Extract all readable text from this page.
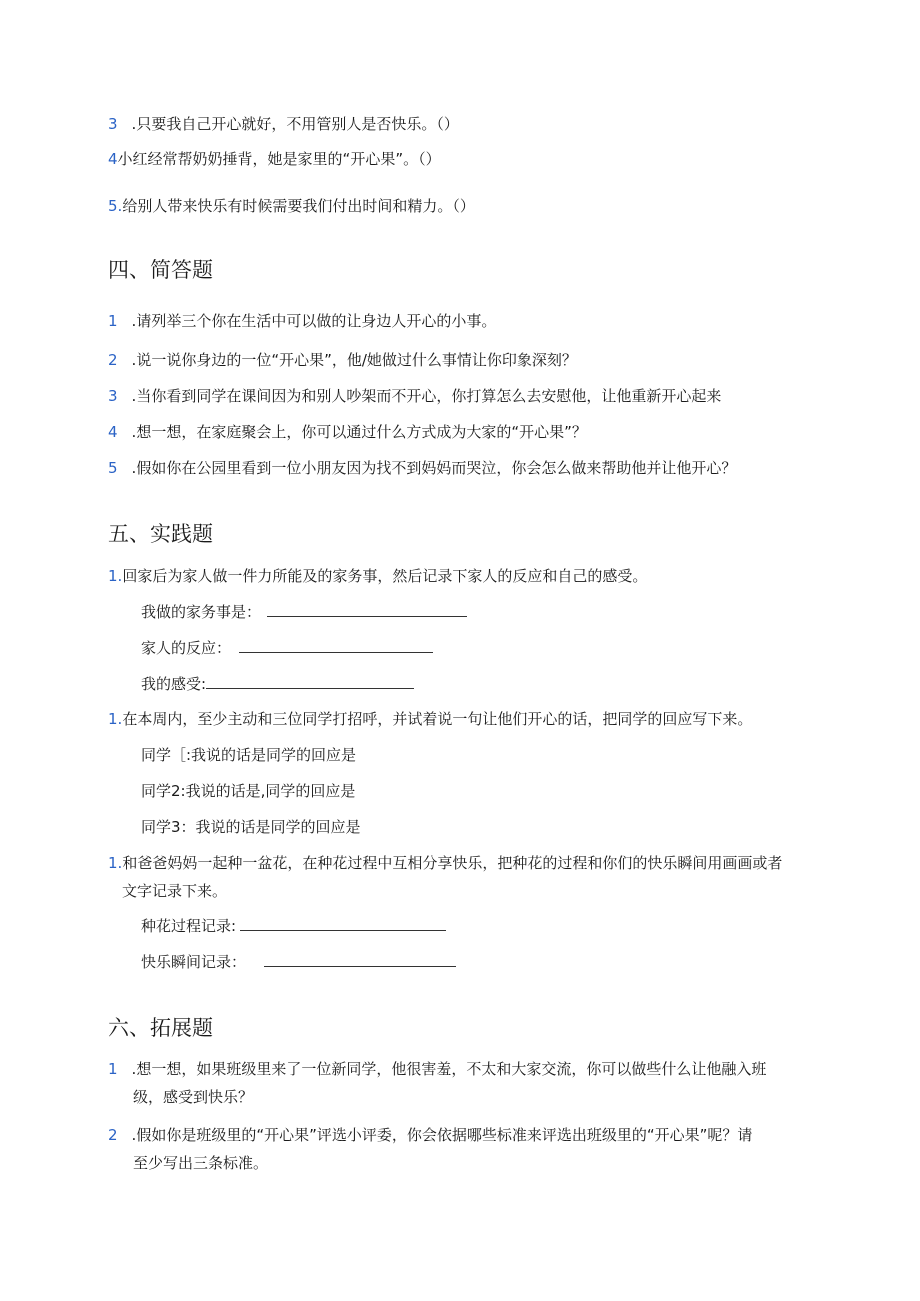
3 .只要我自己开心就好，不用管别人是否快乐。（）
4小红经常帮奶奶捶背，她是家里的“开心果”。（）
5.给别人带来快乐有时候需要我们付出时间和精力。（）
四、简答题
1 .请列举三个你在生活中可以做的让身边人开心的小事。
2 .说一说你身边的一位“开心果”，他/她做过什么事情让你印象深刻？
3 .当你看到同学在课间因为和别人吵架而不开心，你打算怎么去安慰他，让他重新开心起来
4 .想一想，在家庭聚会上，你可以通过什么方式成为大家的“开心果”？
5 .假如你在公园里看到一位小朋友因为找不到妈妈而哭泣，你会怎么做来帮助他并让他开心？
五、实践题
1.回家后为家人做一件力所能及的家务事，然后记录下家人的反应和自己的感受。
我做的家务事是：
家人的反应：
我的感受:
1.在本周内，至少主动和三位同学打招呼，并试着说一句让他们开心的话，把同学的回应写下来。
同学［:我说的话是同学的回应是
同学2:我说的话是,同学的回应是
同学3：我说的话是同学的回应是
1.和爸爸妈妈一起种一盆花，在种花过程中互相分享快乐，把种花的过程和你们的快乐瞬间用画画或者
文字记录下来。
种花过程记录:
快乐瞬间记录：
六、拓展题
1 .想一想，如果班级里来了一位新同学，他很害羞，不太和大家交流，你可以做些什么让他融入班
级，感受到快乐？
2 .假如你是班级里的“开心果”评选小评委，你会依据哪些标准来评选出班级里的“开心果”呢？请
至少写出三条标准。
